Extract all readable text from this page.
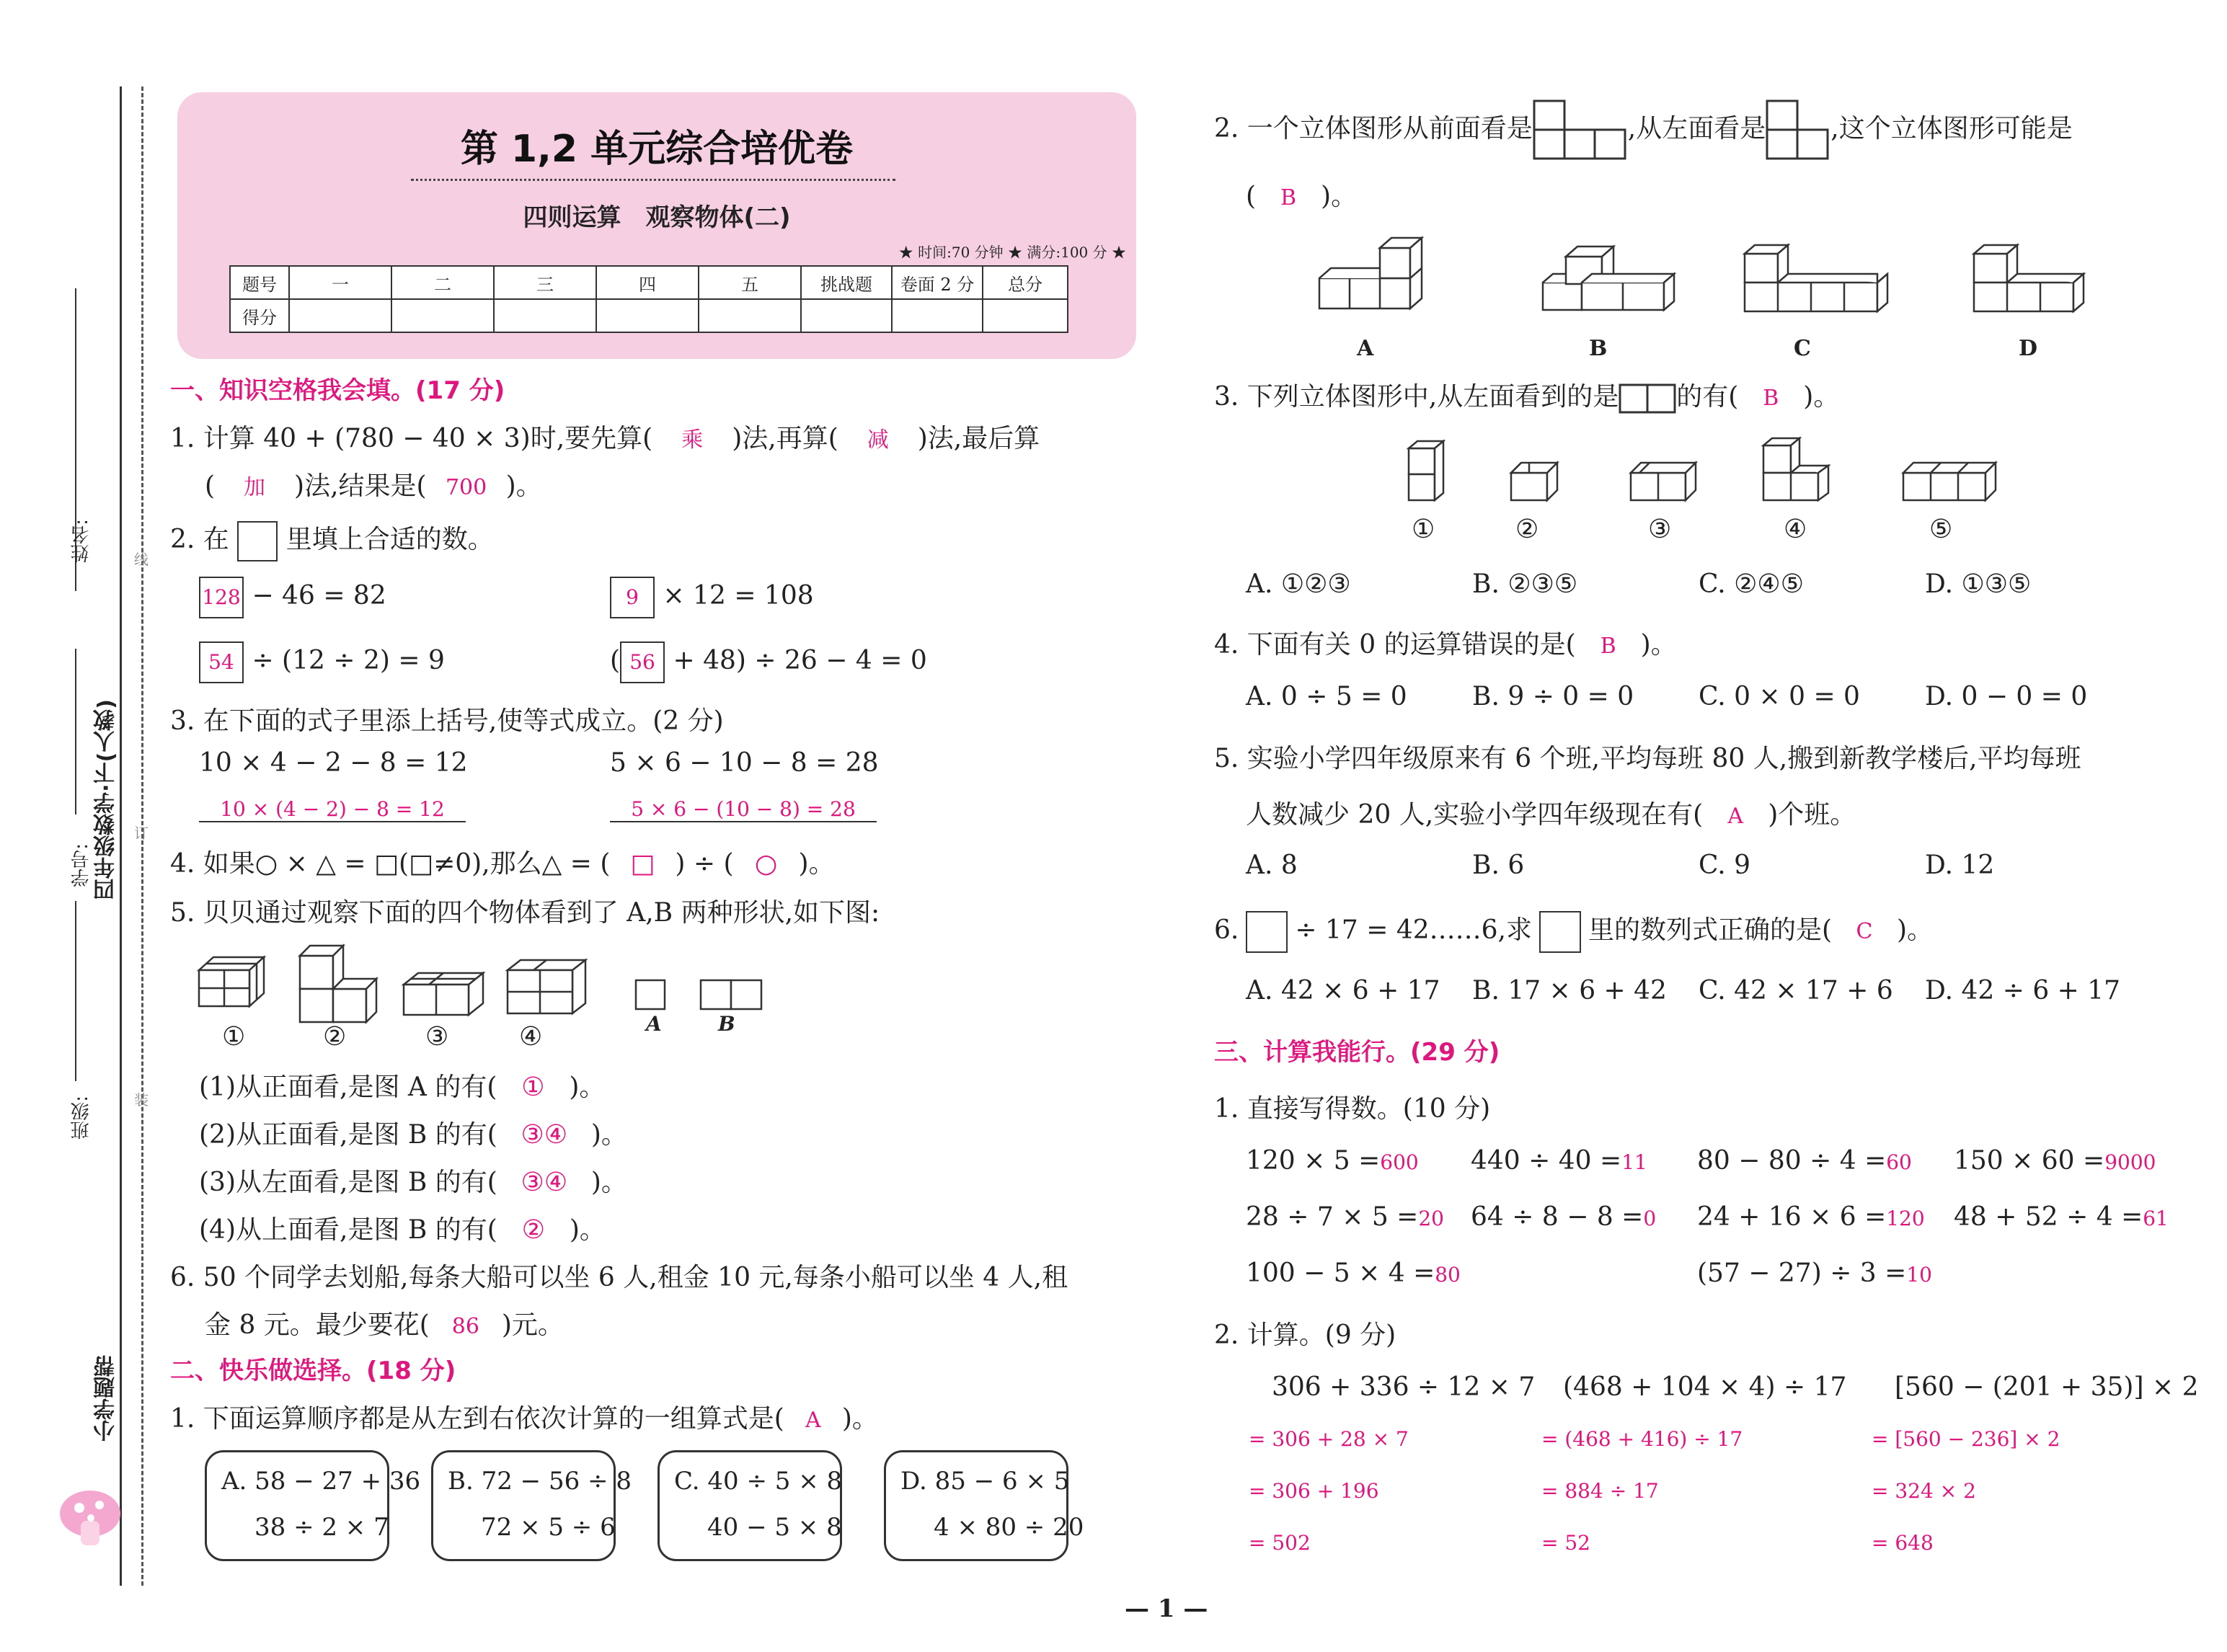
姓名:
学号: 四年级数学·下(人教)
班级:
线
订
装
小学题帮
第 1,2 单元综合培优卷
四则运算　观察物体(二)
★ 时间:70 分钟 ★ 满分:100 分 ★
题号	一	二	三	四	五	挑战题	卷面 2 分	总分
得分								
一、知识空格我会填。(17 分)
1. 计算 40 + (780 − 40 × 3)时,要先算( 乘 )法,再算( 减 )法,最后算
( 加 )法,结果是( 700 )。
2. 在 里填上合适的数。
128 − 46 = 82	9 × 12 = 108
54 ÷ (12 ÷ 2) = 9	( 56 + 48) ÷ 26 − 4 = 0
3. 在下面的式子里添上括号,使等式成立。(2 分)
10 × 4 − 2 − 8 = 12	5 × 6 − 10 − 8 = 28
10 × (4 − 2) − 8 = 12	5 × 6 − (10 − 8) = 28
4. 如果○ × △ = □(□≠0),那么△ = ( □ ) ÷ ( ○ )。
5. 贝贝通过观察下面的四个物体看到了 A,B 两种形状,如下图:
①	②	③	④	A	B
(1)从正面看,是图 A 的有( ① )。
(2)从正面看,是图 B 的有( ③④ )。
(3)从左面看,是图 B 的有( ③④ )。
(4)从上面看,是图 B 的有( ② )。
6. 50 个同学去划船,每条大船可以坐 6 人,租金 10 元,每条小船可以坐 4 人,租
金 8 元。最少要花( 86 )元。
二、快乐做选择。(18 分)
1. 下面运算顺序都是从左到右依次计算的一组算式是( A )。
A. 58 − 27 + 36
38 ÷ 2 × 7
B. 72 − 56 ÷ 8
72 × 5 ÷ 6
C. 40 ÷ 5 × 8
40 − 5 × 8
D. 85 − 6 × 5
4 × 80 ÷ 20
2. 一个立体图形从前面看是	,从左面看是	,这个立体图形可能是
( B )。
A	B	C	D
3. 下列立体图形中,从左面看到的是 的有( B )。
①	②	③	④	⑤
A. ①②③	B. ②③⑤	C. ②④⑤	D. ①③⑤
4. 下面有关 0 的运算错误的是( B )。
A. 0 ÷ 5 = 0	B. 9 ÷ 0 = 0 C. 0 × 0 = 0	D. 0 − 0 = 0
5. 实验小学四年级原来有 6 个班,平均每班 80 人,搬到新教学楼后,平均每班
人数减少 20 人,实验小学四年级现在有( A )个班。
A. 8	B. 6	C. 9	D. 12
6. ÷ 17 = 42……6,求 里的数列式正确的是( C )。
A. 42 × 6 + 17 B. 17 × 6 + 42 C. 42 × 17 + 6 D. 42 ÷ 6 + 17
三、计算我能行。(29 分)
1. 直接写得数。(10 分)
120 × 5 =600 440 ÷ 40 =11 80 − 80 ÷ 4 =60 150 × 60 =9000
28 ÷ 7 × 5 =20 64 ÷ 8 − 8 =0 24 + 16 × 6 =120 48 + 52 ÷ 4 =61
100 − 5 × 4 =80	(57 − 27) ÷ 3 =10
2. 计算。(9 分)
306 + 336 ÷ 12 × 7
= 306 + 28 × 7
= 306 + 196
= 502
(468 + 104 × 4) ÷ 17
= (468 + 416) ÷ 17
= 884 ÷ 17
= 52
[560 − (201 + 35)] × 2
= [560 − 236] × 2
= 324 × 2
= 648
— 1 —
